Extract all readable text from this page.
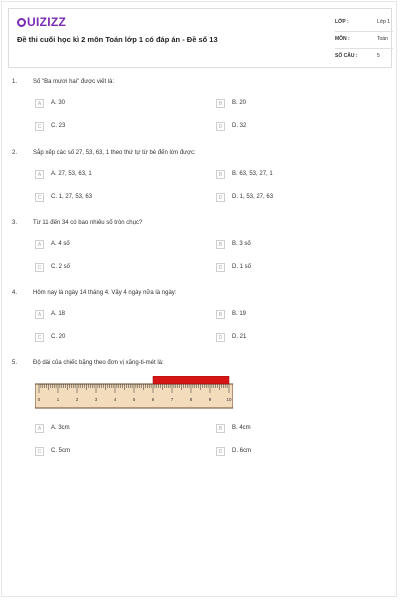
UIZIZZ
Đề thi cuối học kì 2 môn Toán lớp 1 có đáp án - Đề số 13
LỚP :	Lớp 1
MÔN :	Toán
SỐ CÂU :	5
1.	Số "Ba mươi hai" được viết là:
A	A. 30	B	B. 20
C	C. 23	D	D. 32
2.	Sắp xếp các số 27, 53, 63, 1 theo thứ tự từ bé đến lớn được:
A	A. 27, 53, 63, 1	B	B. 63, 53, 27, 1
C	C. 1, 27, 53, 63	D	D. 1, 53, 27, 63
3.	Từ 11 đến 34 có bao nhiêu số tròn chục?
A	A. 4 số	B	B. 3 số
C	C. 2 số	D	D. 1 số
4.	Hôm nay là ngày 14 tháng 4. Vậy 4 ngày nữa là ngày:
A	A. 18	B	B. 19
C	C. 20	D	D. 21
5.	Độ dài của chiếc bặng theo đơn vị xăng-ti-mét là:
0	1	2	3	4	5	6	7	8	9	10
A	A. 3cm	B	B. 4cm
C	C. 5cm	D	D. 6cm
